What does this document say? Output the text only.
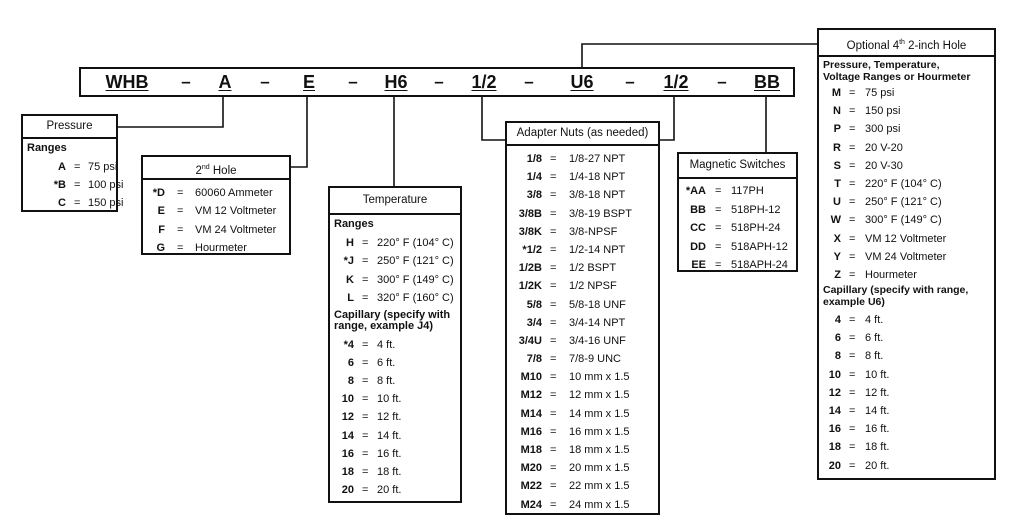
WHB – A – E – H6 – 1/2 – U6 – 1/2 – BB
Pressure
Ranges
A = 75 psi
*B = 100 psi
C = 150 psi
2nd Hole
*D = 60060 Ammeter
E = VM 12 Voltmeter
F = VM 24 Voltmeter
G = Hourmeter
Temperature
Ranges
H = 220° F (104° C)
*J = 250° F (121° C)
K = 300° F (149° C)
L = 320° F (160° C)
Capillary (specify with
range, example J4)
*4 = 4 ft.
6 = 6 ft.
8 = 8 ft.
10 = 10 ft.
12 = 12 ft.
14 = 14 ft.
16 = 16 ft.
18 = 18 ft.
20 = 20 ft.
Adapter Nuts (as needed)
1/8 = 1/8-27 NPT
1/4 = 1/4-18 NPT
3/8 = 3/8-18 NPT
3/8B = 3/8-19 BSPT
3/8K = 3/8-NPSF
*1/2 = 1/2-14 NPT
1/2B = 1/2 BSPT
1/2K = 1/2 NPSF
5/8 = 5/8-18 UNF
3/4 = 3/4-14 NPT
3/4U = 3/4-16 UNF
7/8 = 7/8-9 UNC
M10 = 10 mm x 1.5
M12 = 12 mm x 1.5
M14 = 14 mm x 1.5
M16 = 16 mm x 1.5
M18 = 18 mm x 1.5
M20 = 20 mm x 1.5
M22 = 22 mm x 1.5
M24 = 24 mm x 1.5
Magnetic Switches
*AA = 117PH
BB = 518PH-12
CC = 518PH-24
DD = 518APH-12
EE = 518APH-24
Optional 4th 2-inch Hole
Pressure, Temperature,
Voltage Ranges or Hourmeter
M = 75 psi
N = 150 psi
P = 300 psi
R = 20 V-20
S = 20 V-30
T = 220° F (104° C)
U = 250° F (121° C)
W = 300° F (149° C)
X = VM 12 Voltmeter
Y = VM 24 Voltmeter
Z = Hourmeter
Capillary (specify with range,
example U6)
4 = 4 ft.
6 = 6 ft.
8 = 8 ft.
10 = 10 ft.
12 = 12 ft.
14 = 14 ft.
16 = 16 ft.
18 = 18 ft.
20 = 20 ft.
